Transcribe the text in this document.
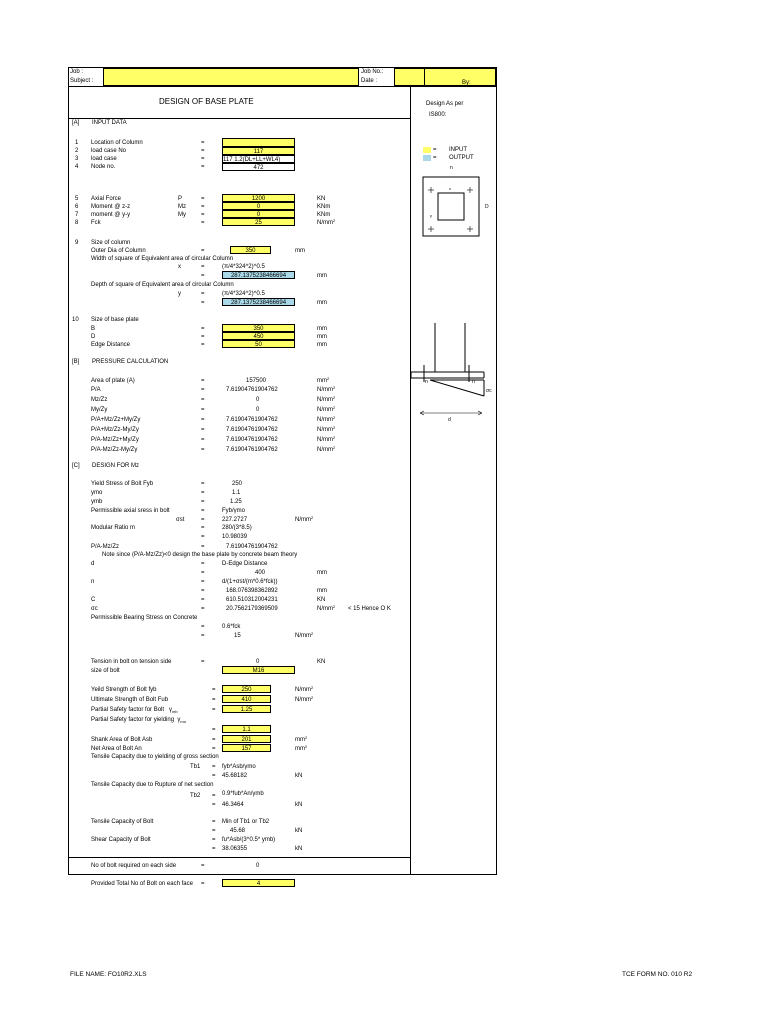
Job :
Subject :
Job No.:
Date :	By:
DESIGN OF BASE PLATE	Design As per
IS800:
[A] INPUT DATA
1 Location of Column	=
2 load case No	=	117
3 load case	=	117 1.2(DL+LL+WL4)
4 Node no.	=	472
5 Axial Force	P	=	1200	KN
6 Moment @ z-z	Mz	=	0	KNm
7 moment @ y-y	My	=	0	KNm
8 Fck	=	25	$N/mm^2$
9 Size of column
Outer Dia of Column	=	350	mm
Width of square of Equivalent area of circular Column
x	=	(π/4*324^2)^0.5
=	287.1375238466694	mm
Depth of square of Equivalent area of circular Column
y	=	(π/4*324^2)^0.5
=	287.1375238466694	mm
10 Size of base plate
B	=	350	mm
D	=	450	mm
Edge Distance	=	50	mm
[B] PRESSURE CALCULATION
Area of plate (A)	=	157500	$mm^2$
P/A	=	7.61904761904762	$N/mm^2$
Mz/Zz	=	0	$N/mm^2$
My/Zy	=	0	$N/mm^2$
P/A+Mz/Zz+My/Zy	=	7.61904761904762	$N/mm^2$
P/A+Mz/Zz-My/Zy	=	7.61904761904762	$N/mm^2$
P/A-Mz/Zz+My/Zy	=	7.61904761904762	$N/mm^2$
P/A-Mz/Zz-My/Zy	=	7.61904761904762	$N/mm^2$
[C] DESIGN FOR Mz
Yield Stress of Bolt Fyb	=	250
ymo	=	1.1
ymb	=	1.25
Permissible axial sress in bolt	=	Fyb/γmo
σst	=	227.2727	$N/mm^2$
Modular Ratio m	=	280/(3*8.5)
=	10.98039
P/A-Mz/Zz	=	7.61904761904762
Note since (P/A-Mz/Zz)<0 design the base plate by concrete beam theory
d	=	D-Edge Distance
=	400	mm
n	=	d/(1+σst/(m*0.6*fck))
=	168.076398362892	mm
C	=	610.510312004231	KN
σc	=	20.7562179369509	$N/mm^2 < 15$ Hence O K
Permissible Bearing Stress on Concrete
=	0.6*fck
=	15	$N/mm^2$
Tension in bolt on tension side	=	0	KN
size of bolt	M16
Yeild Strength of Bolt fyb	=	250	$N/mm^2$
Ultimate Strength of Bolt Fub	=	410	$N/mm^2$
Partial Safety factor for Bolt   $\gamma_{mb}$	=	1.25
Partial Safety factor for yielding  $\gamma_{mo}$
=	1.1
Shank Area of Bolt Asb	=	201	$mm^2$
Net Area of Bolt An	=	157	$mm^2$
Tensile Capacity due to yielding of gross section
Tb1 = fyb*Asb/γmo
= 45.68182	kN
Tensile Capacity due to Rupture of net section
Tb2 = 0.9*fub*An/γmb
= 46.3464	kN
Tensile Capacity of Bolt	= Min of Tb1 or Tb2
= 45.68	kN
Shear Capacity of Bolt	= fu*Asb/(3^0.5* ymb)
= 38.06355	kN
No of bolt required on each side	=	0
Provided Total No of Bolt on each face =	4
= INPUT
= OUTPUT
n
x
y
D
n	n
σc
d
FILE NAME: FO10R2.XLS	TCE FORM NO. 010 R2
